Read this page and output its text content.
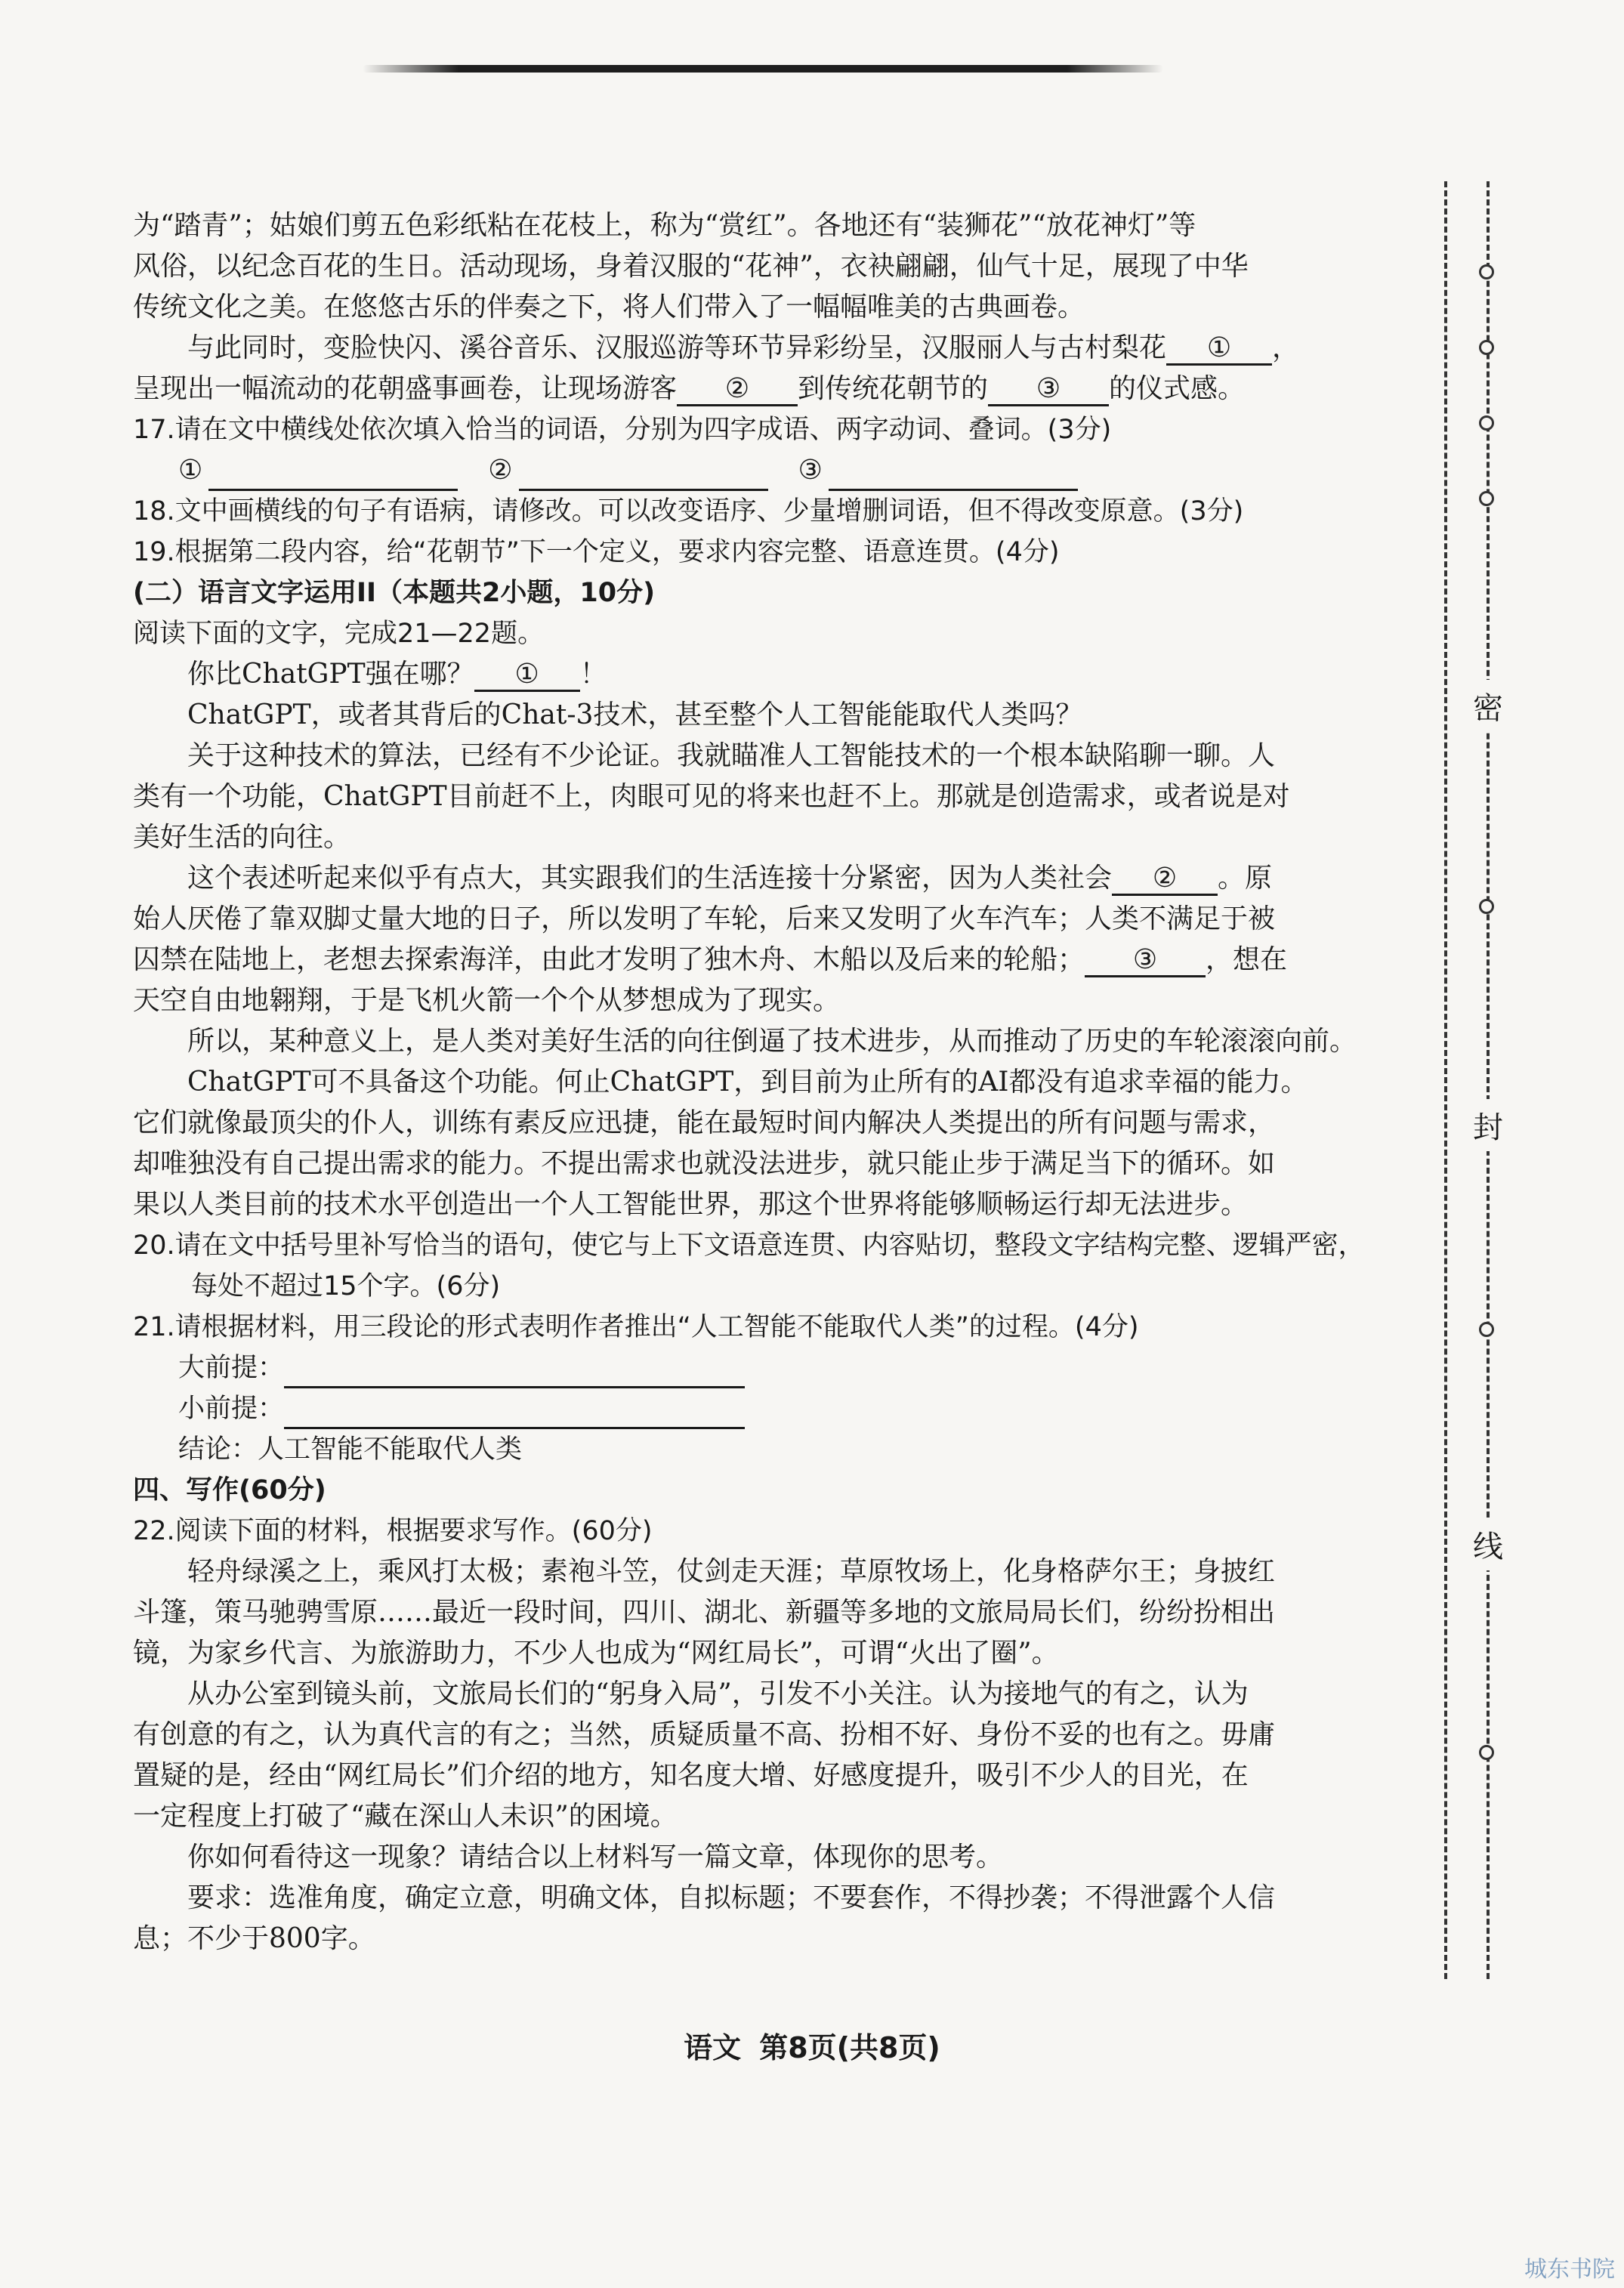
为“踏青”；姑娘们剪五色彩纸粘在花枝上，称为“赏红”。各地还有“装狮花”“放花神灯”等

风俗，以纪念百花的生日。活动现场，身着汉服的“花神”，衣袂翩翩，仙气十足，展现了中华

传统文化之美。在悠悠古乐的伴奏之下，将人们带入了一幅幅唯美的古典画卷。

与此同时，变脸快闪、溪谷音乐、汉服巡游等环节异彩纷呈，汉服丽人与古村梨花 ① ，
呈现出一幅流动的花朝盛事画卷，让现场游客 ② 到传统花朝节的 ③ 的仪式感。

17.请在文中横线处依次填入恰当的词语，分别为四字成语、两字动词、叠词。(3分)

①	②	③

18.文中画横线的句子有语病，请修改。可以改变语序、少量增删词语，但不得改变原意。(3分)

19.根据第二段内容，给“花朝节”下一个定义，要求内容完整、语意连贯。(4分)

(二）语言文字运用II（本题共2小题，10分)

阅读下面的文字，完成21—22题。

你比ChatGPT强在哪？ ① ！

ChatGPT，或者其背后的Chat-3技术，甚至整个人工智能能取代人类吗？

关于这种技术的算法，已经有不少论证。我就瞄准人工智能技术的一个根本缺陷聊一聊。人

类有一个功能，ChatGPT目前赶不上，肉眼可见的将来也赶不上。那就是创造需求，或者说是对

美好生活的向往。

这个表述听起来似乎有点大，其实跟我们的生活连接十分紧密，因为人类社会 ② 。原

始人厌倦了靠双脚丈量大地的日子，所以发明了车轮，后来又发明了火车汽车；人类不满足于被

囚禁在陆地上，老想去探索海洋，由此才发明了独木舟、木船以及后来的轮船； ③ ，想在

天空自由地翱翔，于是飞机火箭一个个从梦想成为了现实。

所以，某种意义上，是人类对美好生活的向往倒逼了技术进步，从而推动了历史的车轮滚滚向前。

ChatGPT可不具备这个功能。何止ChatGPT，到目前为止所有的AI都没有追求幸福的能力。

它们就像最顶尖的仆人，训练有素反应迅捷，能在最短时间内解决人类提出的所有问题与需求，

却唯独没有自己提出需求的能力。不提出需求也就没法进步，就只能止步于满足当下的循环。如

果以人类目前的技术水平创造出一个人工智能世界，那这个世界将能够顺畅运行却无法进步。

20.请在文中括号里补写恰当的语句，使它与上下文语意连贯、内容贴切，整段文字结构完整、逻辑严密，每处不超过15个字。(6分)

21.请根据材料，用三段论的形式表明作者推出“人工智能不能取代人类”的过程。(4分)

大前提：
小前提：

结论：人工智能不能取代人类

四、写作(60分)

22.阅读下面的材料，根据要求写作。(60分)

轻舟绿溪之上，乘风打太极；素袍斗笠，仗剑走天涯；草原牧场上，化身格萨尔王；身披红

斗篷，策马驰骋雪原……最近一段时间，四川、湖北、新疆等多地的文旅局局长们，纷纷扮相出

镜，为家乡代言、为旅游助力，不少人也成为“网红局长”，可谓“火出了圈”。

从办公室到镜头前，文旅局长们的“躬身入局”，引发不小关注。认为接地气的有之，认为

有创意的有之，认为真代言的有之；当然，质疑质量不高、扮相不好、身份不妥的也有之。毋庸

置疑的是，经由“网红局长”们介绍的地方，知名度大增、好感度提升，吸引不少人的目光，在

一定程度上打破了“藏在深山人未识”的困境。

你如何看待这一现象？请结合以上材料写一篇文章，体现你的思考。

要求：选准角度，确定立意，明确文体，自拟标题；不要套作，不得抄袭；不得泄露个人信

息；不少于800字。

语文 第8页(共8页)
密
封
线
城东书院
